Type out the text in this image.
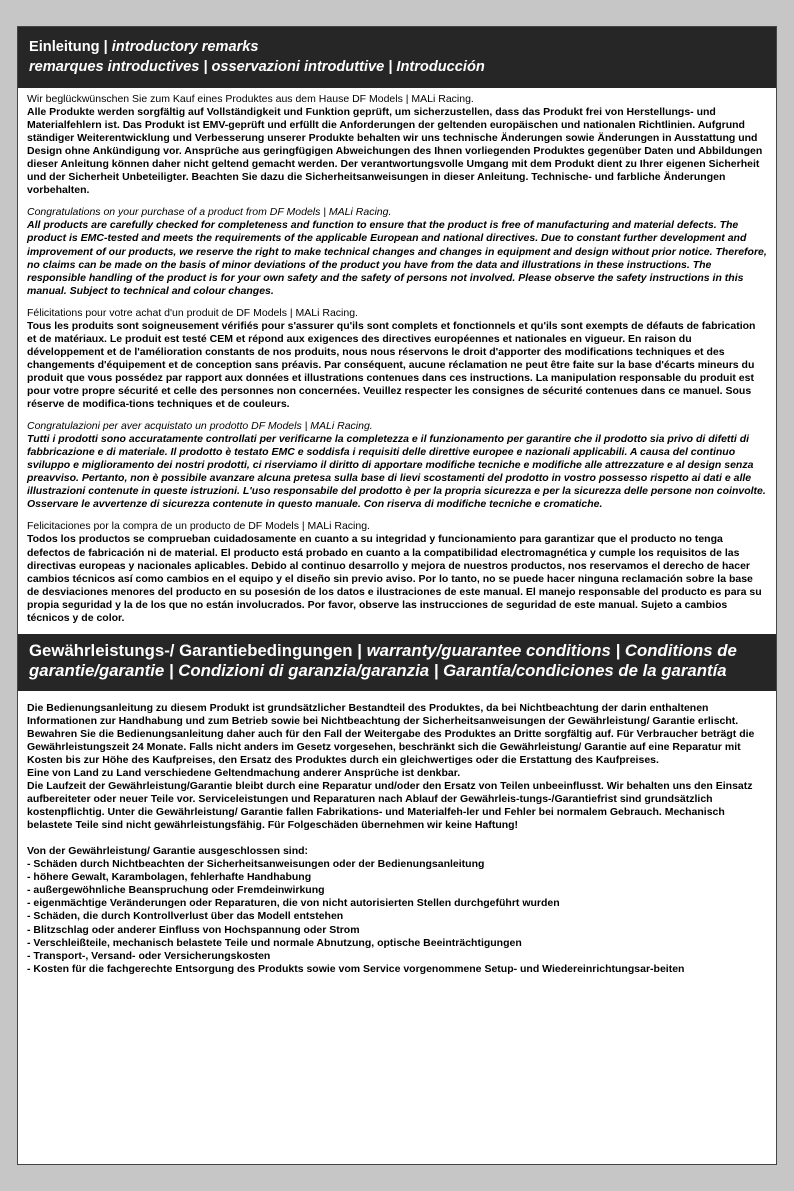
Einleitung | introductory remarks
remarques introductives | osservazioni introduttive | Introducción
Wir beglückwünschen Sie zum Kauf eines Produktes aus dem Hause DF Models | MALi Racing.
Alle Produkte werden sorgfältig auf Vollständigkeit und Funktion geprüft, um sicherzustellen, dass das Produkt frei von Herstellungs- und Materialfehlern ist. Das Produkt ist EMV-geprüft und erfüllt die Anforderungen der geltenden europäischen und nationalen Richtlinien. Aufgrund ständiger Weiterentwicklung und Verbesserung unserer Produkte behalten wir uns technische Änderungen sowie Änderungen in Ausstattung und Design ohne Ankündigung vor. Ansprüche aus geringfügigen Abweichungen des Ihnen vorliegenden Produktes gegenüber Daten und Abbildungen dieser Anleitung können daher nicht geltend gemacht werden. Der verantwortungsvolle Umgang mit dem Produkt dient zu Ihrer eigenen Sicherheit und der Sicherheit Unbeteiligter. Beachten Sie dazu die Sicherheitsanweisungen in dieser Anleitung. Technische- und farbliche Änderungen vorbehalten.
Congratulations on your purchase of a product from DF Models | MALi Racing.
All products are carefully checked for completeness and function to ensure that the product is free of manufacturing and material defects. The product is EMC-tested and meets the requirements of the applicable European and national directives. Due to constant further development and improvement of our products, we reserve the right to make technical changes and changes in equipment and design without prior notice. Therefore, no claims can be made on the basis of minor deviations of the product you have from the data and illustrations in these instructions. The responsible handling of the product is for your own safety and the safety of persons not involved. Please observe the safety instructions in this manual. Subject to technical and colour changes.
Félicitations pour votre achat d'un produit de DF Models | MALi Racing.
Tous les produits sont soigneusement vérifiés pour s'assurer qu'ils sont complets et fonctionnels et qu'ils sont exempts de défauts de fabrication et de matériaux. Le produit est testé CEM et répond aux exigences des directives européennes et nationales en vigueur. En raison du développement et de l'amélioration constants de nos produits, nous nous réservons le droit d'apporter des modifications techniques et des changements d'équipement et de conception sans préavis. Par conséquent, aucune réclamation ne peut être faite sur la base d'écarts mineurs du produit que vous possédez par rapport aux données et illustrations contenues dans ces instructions. La manipulation responsable du produit est pour votre propre sécurité et celle des personnes non concernées. Veuillez respecter les consignes de sécurité contenues dans ce manuel. Sous réserve de modifica-tions techniques et de couleurs.
Congratulazioni per aver acquistato un prodotto DF Models | MALi Racing.
Tutti i prodotti sono accuratamente controllati per verificarne la completezza e il funzionamento per garantire che il prodotto sia privo di difetti di fabbricazione e di materiale. Il prodotto è testato EMC e soddisfa i requisiti delle direttive europee e nazionali applicabili. A causa del continuo sviluppo e miglioramento dei nostri prodotti, ci riserviamo il diritto di apportare modifiche tecniche e modifiche alle attrezzature e al design senza preavviso. Pertanto, non è possibile avanzare alcuna pretesa sulla base di lievi scostamenti del prodotto in vostro possesso rispetto ai dati e alle illustrazioni contenute in queste istruzioni. L'uso responsabile del prodotto è per la propria sicurezza e per la sicurezza delle persone non coinvolte. Osservare le avvertenze di sicurezza contenute in questo manuale. Con riserva di modifiche tecniche e cromatiche.
Felicitaciones por la compra de un producto de DF Models | MALi Racing.
Todos los productos se comprueban cuidadosamente en cuanto a su integridad y funcionamiento para garantizar que el producto no tenga defectos de fabricación ni de material. El producto está probado en cuanto a la compatibilidad electromagnética y cumple los requisitos de las directivas europeas y nacionales aplicables. Debido al continuo desarrollo y mejora de nuestros productos, nos reservamos el derecho de hacer cambios técnicos así como cambios en el equipo y el diseño sin previo aviso. Por lo tanto, no se puede hacer ninguna reclamación sobre la base de desviaciones menores del producto en su posesión de los datos e ilustraciones de este manual. El manejo responsable del producto es para su propia seguridad y la de los que no están involucrados. Por favor, observe las instrucciones de seguridad de este manual. Sujeto a cambios técnicos y de color.
Gewährleistungs-/ Garantiebedingungen | warranty/guarantee conditions | Conditions de
garantie/garantie | Condizioni di garanzia/garanzia | Garantía/condiciones de la garantía

Die Bedienungsanleitung zu diesem Produkt ist grundsätzlicher Bestandteil des Produktes, da bei Nichtbeachtung der darin enthaltenen Informationen zur Handhabung und zum Betrieb sowie bei Nichtbeachtung der Sicherheitsanweisungen der Gewährleistung/ Garantie erlischt.

Bewahren Sie die Bedienungsanleitung daher auch für den Fall der Weitergabe des Produktes an Dritte sorgfältig auf. Für Verbraucher beträgt die Gewährleistungszeit 24 Monate. Falls nicht anders im Gesetz vorgesehen, beschränkt sich die Gewährleistung/ Garantie auf eine Reparatur mit Kosten bis zur Höhe des Kaufpreises, den Ersatz des Produktes durch ein gleichwertiges oder die Erstattung des Kaufpreises.

Eine von Land zu Land verschiedene Geltendmachung anderer Ansprüche ist denkbar.

Die Laufzeit der Gewährleistung/Garantie bleibt durch eine Reparatur und/oder den Ersatz von Teilen unbeeinflusst. Wir behalten uns den Einsatz aufbereiteter oder neuer Teile vor. Serviceleistungen und Reparaturen nach Ablauf der Gewährleis-tungs-/Garantiefrist sind grundsätzlich kostenpflichtig. Unter die Gewährleistung/ Garantie fallen Fabrikations- und Materialfeh-ler und Fehler bei normalem Gebrauch. Mechanisch belastete Teile sind nicht gewährleistungsfähig. Für Folgeschäden übernehmen wir keine Haftung!

Von der Gewährleistung/ Garantie ausgeschlossen sind:

- Schäden durch Nichtbeachten der Sicherheitsanweisungen oder der Bedienungsanleitung
- höhere Gewalt, Karambolagen, fehlerhafte Handhabung
- außergewöhnliche Beanspruchung oder Fremdeinwirkung
- eigenmächtige Veränderungen oder Reparaturen, die von nicht autorisierten Stellen durchgeführt wurden
- Schäden, die durch Kontrollverlust über das Modell entstehen
- Blitzschlag oder anderer Einfluss von Hochspannung oder Strom
- Verschleißteile, mechanisch belastete Teile und normale Abnutzung, optische Beeinträchtigungen
- Transport-, Versand- oder Versicherungskosten
- Kosten für die fachgerechte Entsorgung des Produkts sowie vom Service vorgenommene Setup- und Wiedereinrichtungsar-beiten
